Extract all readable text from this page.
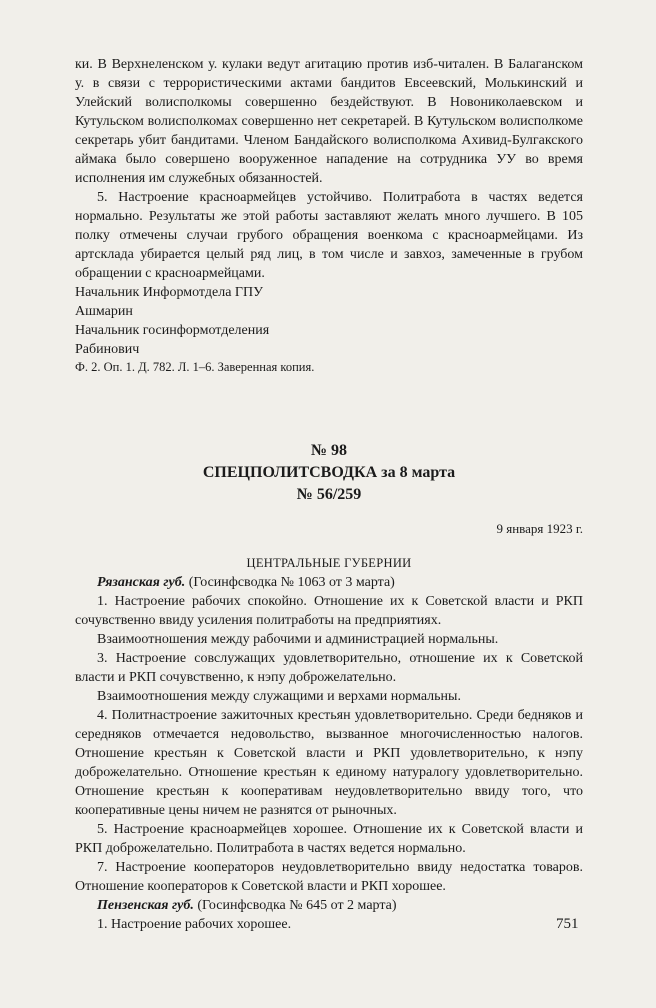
ки. В Верхнеленском у. кулаки ведут агитацию против изб-читален. В Балаганском у. в связи с террористическими актами бандитов Евсеевский, Молькинский и Улейский волисполкомы совершенно бездействуют. В Новониколаевском и Кутульском волисполкомах совершенно нет секретарей. В Кутульском волисполкоме секретарь убит бандитами. Членом Бандайского волисполкома Ахивид-Булгакского аймака было совершено вооруженное нападение на сотрудника УУ во время исполнения им служебных обязанностей.

5. Настроение красноармейцев устойчиво. Политработа в частях ведется нормально. Результаты же этой работы заставляют желать много лучшего. В 105 полку отмечены случаи грубого обращения военкома с красноармейцами. Из артсклада убирается целый ряд лиц, в том числе и завхоз, замеченные в грубом обращении с красноармейцами.

Начальник Информотдела ГПУ

Ашмарин

Начальник госинформотделения

Рабинович

Ф. 2. Оп. 1. Д. 782. Л. 1–6. Заверенная копия.

№ 98
СПЕЦПОЛИТСВОДКА за 8 марта
№ 56/259
9 января 1923 г.
ЦЕНТРАЛЬНЫЕ ГУБЕРНИИ

Рязанская губ. (Госинфсводка № 1063 от 3 марта)

1. Настроение рабочих спокойно. Отношение их к Советской власти и РКП сочувственно ввиду усиления политработы на предприятиях.

Взаимоотношения между рабочими и администрацией нормальны.

3. Настроение совслужащих удовлетворительно, отношение их к Советской власти и РКП сочувственно, к нэпу доброжелательно.

Взаимоотношения между служащими и верхами нормальны.

4. Политнастроение зажиточных крестьян удовлетворительно. Среди бедняков и середняков отмечается недовольство, вызванное многочисленностью налогов. Отношение крестьян к Советской власти и РКП удовлетворительно, к нэпу доброжелательно. Отношение крестьян к единому натуралогу удовлетворительно. Отношение крестьян к кооперативам неудовлетворительно ввиду того, что кооперативные цены ничем не разнятся от рыночных.

5. Настроение красноармейцев хорошее. Отношение их к Советской власти и РКП доброжелательно. Политработа в частях ведется нормально.

7. Настроение кооператоров неудовлетворительно ввиду недостатка товаров. Отношение кооператоров к Советской власти и РКП хорошее.

Пензенская губ. (Госинфсводка № 645 от 2 марта)

1. Настроение рабочих хорошее.	751
